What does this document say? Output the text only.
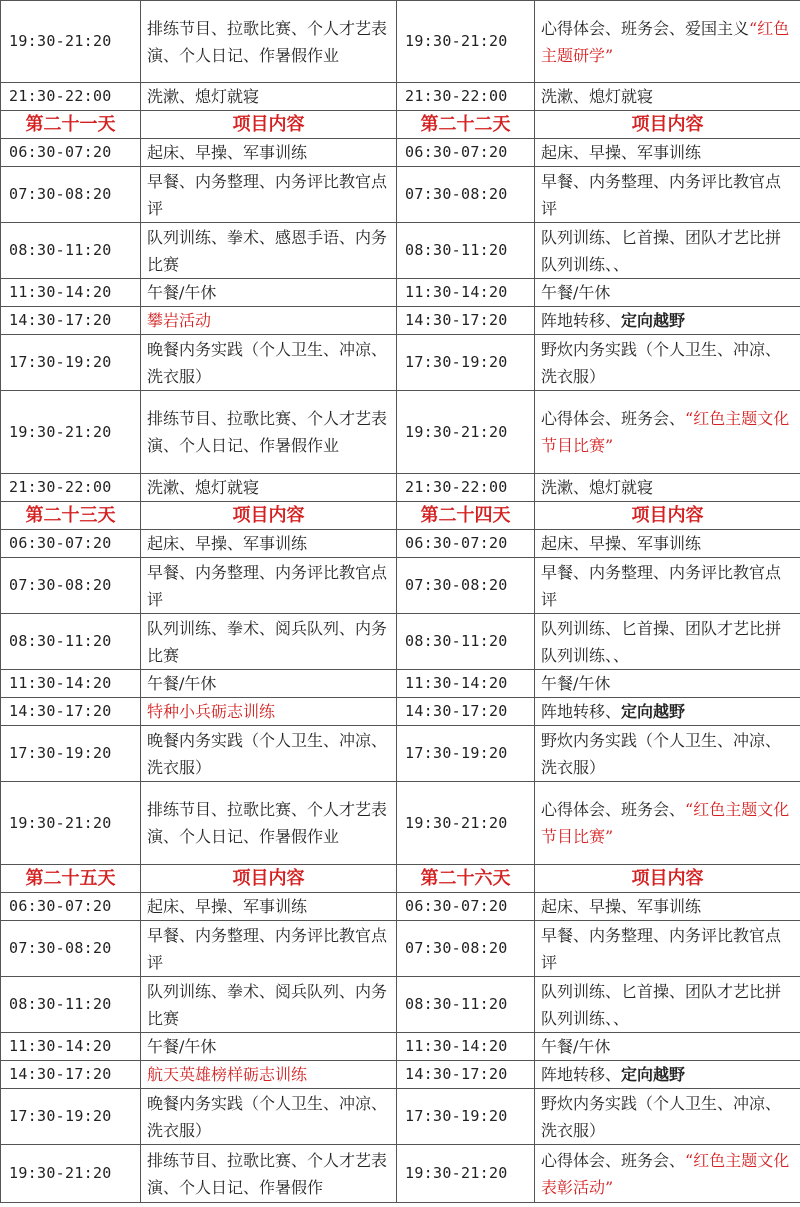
19:30-21:20	排练节目、拉歌比赛、个人才艺表演、个人日记、作暑假作业	19:30-21:20	心得体会、班务会、爱国主义“红色主题研学”
21:30-22:00	洗漱、熄灯就寝	21:30-22:00	洗漱、熄灯就寝
第二十一天	项目内容	第二十二天	项目内容
06:30-07:20	起床、早操、军事训练	06:30-07:20	起床、早操、军事训练
07:30-08:20	早餐、内务整理、内务评比教官点评	07:30-08:20	早餐、内务整理、内务评比教官点评
08:30-11:20	队列训练、拳术、感恩手语、内务比赛	08:30-11:20	队列训练、匕首操、团队才艺比拼队列训练、、
11:30-14:20	午餐/午休	11:30-14:20	午餐/午休
14:30-17:20	攀岩活动	14:30-17:20	阵地转移、定向越野
17:30-19:20	晚餐内务实践（个人卫生、冲凉、洗衣服）	17:30-19:20	野炊内务实践（个人卫生、冲凉、洗衣服）
19:30-21:20	排练节目、拉歌比赛、个人才艺表演、个人日记、作暑假作业	19:30-21:20	心得体会、班务会、“红色主题文化节目比赛”
21:30-22:00	洗漱、熄灯就寝	21:30-22:00	洗漱、熄灯就寝
第二十三天	项目内容	第二十四天	项目内容
06:30-07:20	起床、早操、军事训练	06:30-07:20	起床、早操、军事训练
07:30-08:20	早餐、内务整理、内务评比教官点评	07:30-08:20	早餐、内务整理、内务评比教官点评
08:30-11:20	队列训练、拳术、阅兵队列、内务比赛	08:30-11:20	队列训练、匕首操、团队才艺比拼队列训练、、
11:30-14:20	午餐/午休	11:30-14:20	午餐/午休
14:30-17:20	特种小兵砺志训练	14:30-17:20	阵地转移、定向越野
17:30-19:20	晚餐内务实践（个人卫生、冲凉、洗衣服）	17:30-19:20	野炊内务实践（个人卫生、冲凉、洗衣服）
19:30-21:20	排练节目、拉歌比赛、个人才艺表演、个人日记、作暑假作业	19:30-21:20	心得体会、班务会、“红色主题文化节目比赛”
第二十五天	项目内容	第二十六天	项目内容
06:30-07:20	起床、早操、军事训练	06:30-07:20	起床、早操、军事训练
07:30-08:20	早餐、内务整理、内务评比教官点评	07:30-08:20	早餐、内务整理、内务评比教官点评
08:30-11:20	队列训练、拳术、阅兵队列、内务比赛	08:30-11:20	队列训练、匕首操、团队才艺比拼队列训练、、
11:30-14:20	午餐/午休	11:30-14:20	午餐/午休
14:30-17:20	航天英雄榜样砺志训练	14:30-17:20	阵地转移、定向越野
17:30-19:20	晚餐内务实践（个人卫生、冲凉、洗衣服）	17:30-19:20	野炊内务实践（个人卫生、冲凉、洗衣服）
19:30-21:20	排练节目、拉歌比赛、个人才艺表演、个人日记、作暑假作	19:30-21:20	心得体会、班务会、“红色主题文化表彰活动”
